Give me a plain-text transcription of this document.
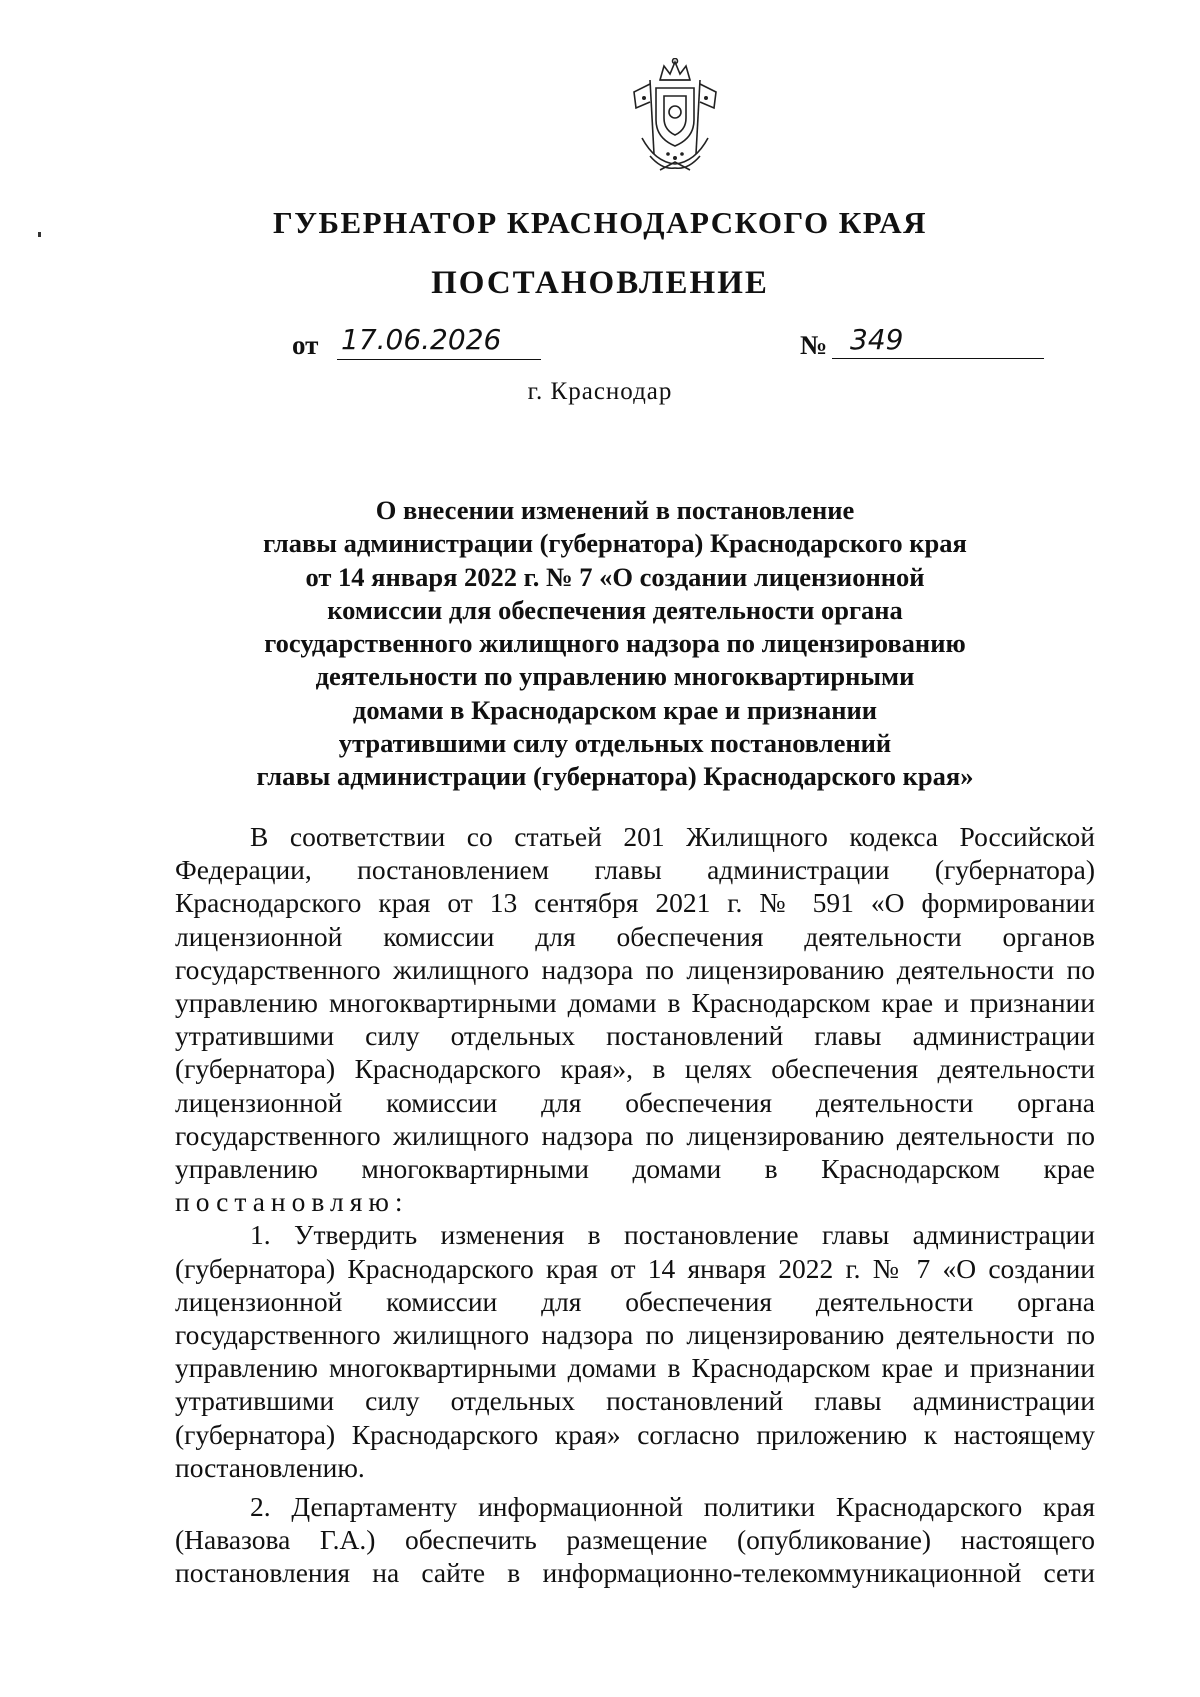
ГУБЕРНАТОР КРАСНОДАРСКОГО КРАЯ
ПОСТАНОВЛЕНИЕ
от 17.06.2026	№ 349
г. Краснодар
О внесении изменений в постановление
главы администрации (губернатора) Краснодарского края
от 14 января 2022 г. № 7 «О создании лицензионной
комиссии для обеспечения деятельности органа
государственного жилищного надзора по лицензированию
деятельности по управлению многоквартирными
домами в Краснодарском крае и признании
утратившими силу отдельных постановлений
главы администрации (губернатора) Краснодарского края»

В соответствии со статьей 201 Жилищного кодекса Российской Федерации, постановлением главы администрации (губернатора) Краснодарского края от 13 сентября 2021 г. № 591 «О формировании лицензионной комиссии для обеспечения деятельности органов государственного жилищного надзора по лицензированию деятельности по управлению многоквартирными домами в Краснодарском крае и признании утратившими силу отдельных постановлений главы администрации (губернатора) Краснодарского края», в целях обеспечения деятельности лицензионной комиссии для обеспечения деятельности органа государственного жилищного надзора по лицензированию деятельности по управлению многоквартирными домами в Краснодарском крае

постановляю:

1. Утвердить изменения в постановление главы администрации (губернатора) Краснодарского края от 14 января 2022 г. № 7 «О создании лицензионной комиссии для обеспечения деятельности органа государственного жилищного надзора по лицензированию деятельности по управлению многоквартирными домами в Краснодарском крае и признании утратившими силу отдельных постановлений главы администрации (губернатора) Краснодарского края» согласно приложению к настоящему постановлению.

2. Департаменту информационной политики Краснодарского края (Навазова Г.А.) обеспечить размещение (опубликование) настоящего постановления на сайте в информационно-телекоммуникационной сети
